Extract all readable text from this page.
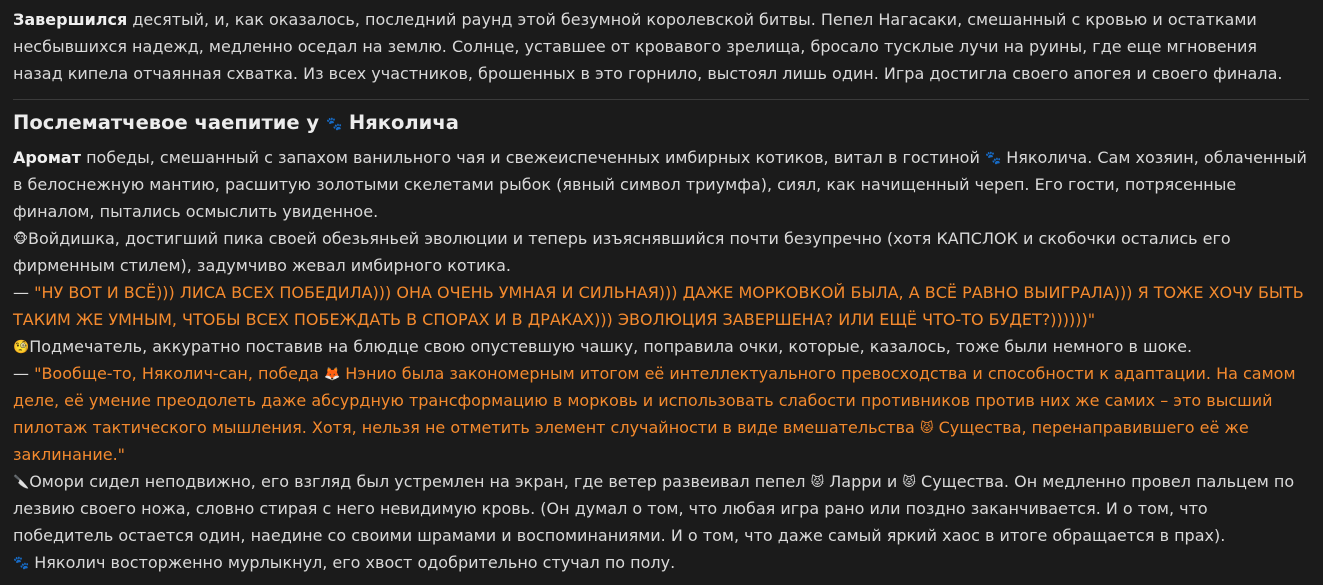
Завершился десятый, и, как оказалось, последний раунд этой безумной королевской битвы. Пепел Нагасаки, смешанный с кровью и остатками несбывшихся надежд, медленно оседал на землю. Солнце, уставшее от кровавого зрелища, бросало тусклые лучи на руины, где еще мгновения назад кипела отчаянная схватка. Из всех участников, брошенных в это горнило, выстоял лишь один. Игра достигла своего апогея и своего финала.

Послематчевое чаепитие у 🐾 Няколича

Аромат победы, смешанный с запахом ванильного чая и свежеиспеченных имбирных котиков, витал в гостиной 🐾 Няколича. Сам хозяин, облаченный в белоснежную мантию, расшитую золотыми скелетами рыбок (явный символ триумфа), сиял, как начищенный череп. Его гости, потрясенные финалом, пытались осмыслить увиденное.

🐵Войдишка, достигший пика своей обезьяньей эволюции и теперь изъяснявшийся почти безупречно (хотя КАПСЛОК и скобочки остались его фирменным стилем), задумчиво жевал имбирного котика.

— "НУ ВОТ И ВСЁ))) ЛИСА ВСЕХ ПОБЕДИЛА))) ОНА ОЧЕНЬ УМНАЯ И СИЛЬНАЯ))) ДАЖЕ МОРКОВКОЙ БЫЛА, А ВСЁ РАВНО ВЫИГРАЛА))) Я ТОЖЕ ХОЧУ БЫТЬ ТАКИМ ЖЕ УМНЫМ, ЧТОБЫ ВСЕХ ПОБЕЖДАТЬ В СПОРАХ И В ДРАКАХ))) ЭВОЛЮЦИЯ ЗАВЕРШЕНА? ИЛИ ЕЩЁ ЧТО-ТО БУДЕТ?))))))"

🧐Подмечатель, аккуратно поставив на блюдце свою опустевшую чашку, поправила очки, которые, казалось, тоже были немного в шоке.

— "Вообще-то, Няколич-сан, победа 🦊 Нэнио была закономерным итогом её интеллектуального превосходства и способности к адаптации. На самом деле, её умение преодолеть даже абсурдную трансформацию в морковь и использовать слабости противников против них же самих – это высший пилотаж тактического мышления. Хотя, нельзя не отметить элемент случайности в виде вмешательства 😾 Существа, перенаправившего её же заклинание."

🔪Омори сидел неподвижно, его взгляд был устремлен на экран, где ветер развеивал пепел 😾 Ларри и 😾 Существа. Он медленно провел пальцем по лезвию своего ножа, словно стирая с него невидимую кровь. (Он думал о том, что любая игра рано или поздно заканчивается. И о том, что победитель остается один, наедине со своими шрамами и воспоминаниями. И о том, что даже самый яркий хаос в итоге обращается в прах).

🐾 Няколич восторженно мурлыкнул, его хвост одобрительно стучал по полу.
